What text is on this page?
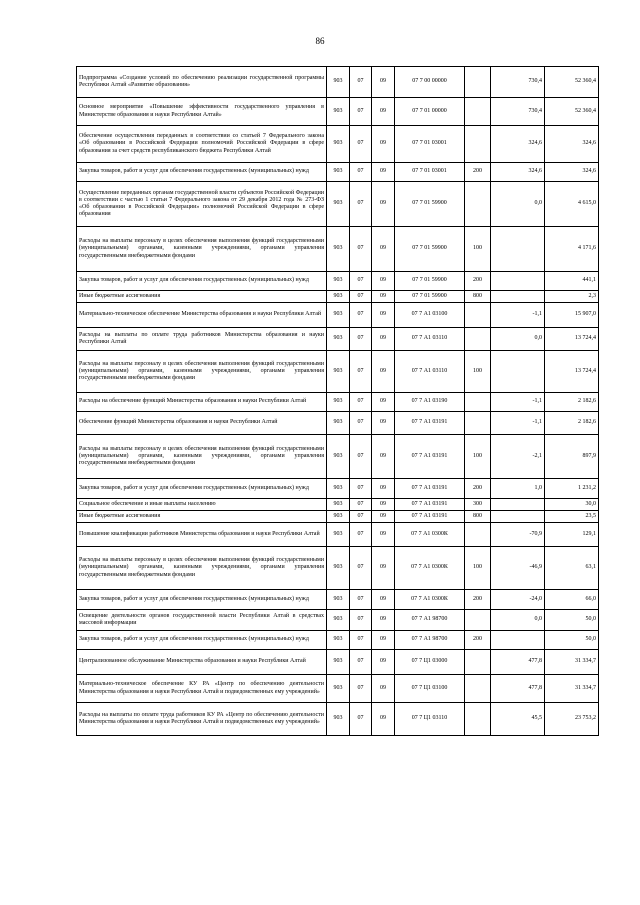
86
Подпрограмма «Создание условий по обеспечению реализации государственной программы Республики Алтай «Развитие образования»	903	07	09	07 7 00 00000		730,4	52 360,4
Основное мероприятие «Повышение эффективности государственного управления в Министерстве образования и науки Республики Алтай»	903	07	09	07 7 01 00000		730,4	52 360,4
Обеспечение осуществления переданных в соответствии со статьей 7 Федерального закона «Об образовании в Российской Федерации полномочий Российской Федерации в сфере образования за счет средств республиканского бюджета Республики Алтай	903	07	09	07 7 01 03001		324,6	324,6
Закупка товаров, работ и услуг для обеспечения государственных (муниципальных) нужд	903	07	09	07 7 01 03001	200	324,6	324,6
Осуществление переданных органам государственной власти субъектов Российской Федерации в соответствии с частью 1 статьи 7 Федерального закона от 29 декабря 2012 года № 273-ФЗ «Об образовании в Российской Федерации» полномочий Российской Федерации в сфере образования	903	07	09	07 7 01 59900		0,0	4 615,0
Расходы на выплаты персоналу в целях обеспечения выполнения функций государственными (муниципальными) органами, казенными учреждениями, органами управления государственными внебюджетными фондами	903	07	09	07 7 01 59900	100		4 171,6
Закупка товаров, работ и услуг для обеспечения государственных (муниципальных) нужд	903	07	09	07 7 01 59900	200		441,1
Иные бюджетные ассигнования	903	07	09	07 7 01 59900	800		2,3
Материально-техническое обеспечение Министерства образования и науки Республики Алтай	903	07	09	07 7 А1 03100		-1,1	15 907,0
Расходы на выплаты по оплате труда работников Министерства образования и науки Республики Алтай	903	07	09	07 7 А1 03110		0,0	13 724,4
Расходы на выплаты персоналу в целях обеспечения выполнения функций государственными (муниципальными) органами, казенными учреждениями, органами управления государственными внебюджетными фондами	903	07	09	07 7 А1 03110	100		13 724,4
Расходы на обеспечение функций Министерства образования и науки Республики Алтай	903	07	09	07 7 А1 03190		-1,1	2 182,6
Обеспечение функций Министерства образования и науки Республики Алтай	903	07	09	07 7 А1 03191		-1,1	2 182,6
Расходы на выплаты персоналу в целях обеспечения выполнения функций государственными (муниципальными) органами, казенными учреждениями, органами управления государственными внебюджетными фондами	903	07	09	07 7 А1 03191	100	-2,1	897,9
Закупка товаров, работ и услуг для обеспечения государственных (муниципальных) нужд	903	07	09	07 7 А1 03191	200	1,0	1 231,2
Социальное обеспечение и иные выплаты населению	903	07	09	07 7 А1 03191	300		30,0
Иные бюджетные ассигнования	903	07	09	07 7 А1 03191	800		23,5
Повышение квалификации работников Министерства образования и науки Республики Алтай	903	07	09	07 7 А1 0300К		-70,9	129,1
Расходы на выплаты персоналу в целях обеспечения выполнения функций государственными (муниципальными) органами, казенными учреждениями, органами управления государственными внебюджетными фондами	903	07	09	07 7 А1 0300К	100	-46,9	63,1
Закупка товаров, работ и услуг для обеспечения государственных (муниципальных) нужд	903	07	09	07 7 А1 0300К	200	-24,0	66,0
Освещение деятельности органов государственной власти Республики Алтай в средствах массовой информации	903	07	09	07 7 А1 98700		0,0	50,0
Закупка товаров, работ и услуг для обеспечения государственных (муниципальных) нужд	903	07	09	07 7 А1 98700	200		50,0
Централизованное обслуживание Министерства образования и науки Республики Алтай	903	07	09	07 7 Ц1 03000		477,8	31 334,7
Материально-техническое обеспечение КУ РА «Центр по обеспечению деятельности Министерства образования и науки Республики Алтай и подведомственных ему учреждений»	903	07	09	07 7 Ц1 03100		477,8	31 334,7
Расходы на выплаты по оплате труда работников КУ РА «Центр по обеспечению деятельности Министерства образования и науки Республики Алтай и подведомственных ему учреждений»	903	07	09	07 7 Ц1 03110		45,5	23 753,2
